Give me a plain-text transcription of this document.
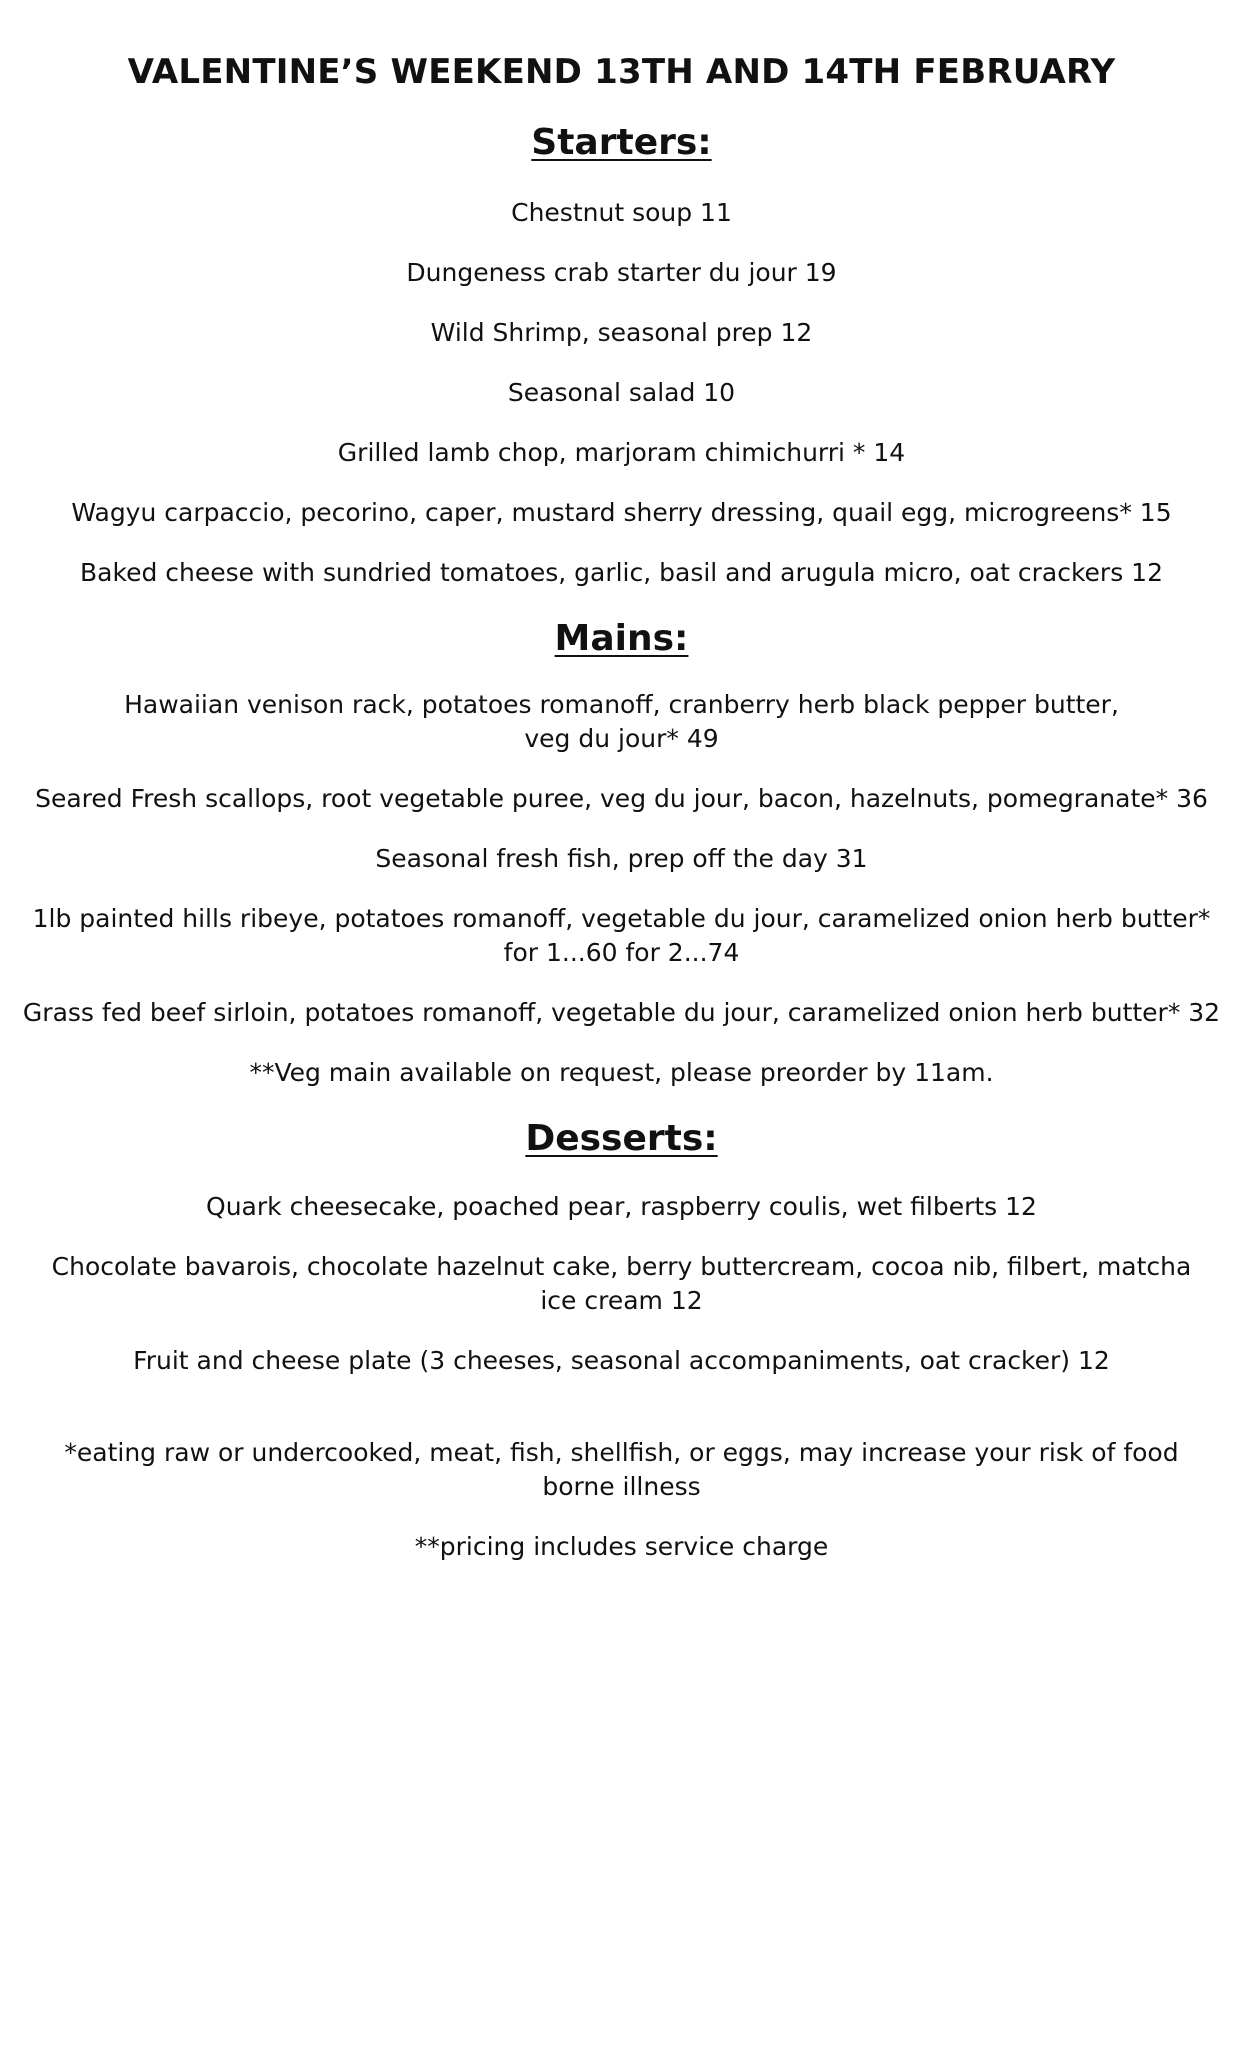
VALENTINE’S WEEKEND 13TH AND 14TH FEBRUARY
Starters:

Chestnut soup 11

Dungeness crab starter du jour 19

Wild Shrimp, seasonal prep 12

Seasonal salad 10

Grilled lamb chop, marjoram chimichurri * 14

Wagyu carpaccio, pecorino, caper, mustard sherry dressing, quail egg, microgreens* 15

Baked cheese with sundried tomatoes, garlic, basil and arugula micro, oat crackers 12

Mains:

Hawaiian venison rack, potatoes romanoff, cranberry herb black pepper butter, veg du jour* 49

Seared Fresh scallops, root vegetable puree, veg du jour, bacon, hazelnuts, pomegranate* 36

Seasonal fresh fish, prep off the day 31

1lb painted hills ribeye, potatoes romanoff, vegetable du jour, caramelized onion herb butter* for 1...60 for 2...74

Grass fed beef sirloin, potatoes romanoff, vegetable du jour, caramelized onion herb butter* 32

**Veg main available on request, please preorder by 11am.

Desserts:

Quark cheesecake, poached pear, raspberry coulis, wet filberts 12

Chocolate bavarois, chocolate hazelnut cake, berry buttercream, cocoa nib, filbert, matcha ice cream 12

Fruit and cheese plate (3 cheeses, seasonal accompaniments, oat cracker) 12

*eating raw or undercooked, meat, fish, shellfish, or eggs, may increase your risk of food borne illness

**pricing includes service charge
